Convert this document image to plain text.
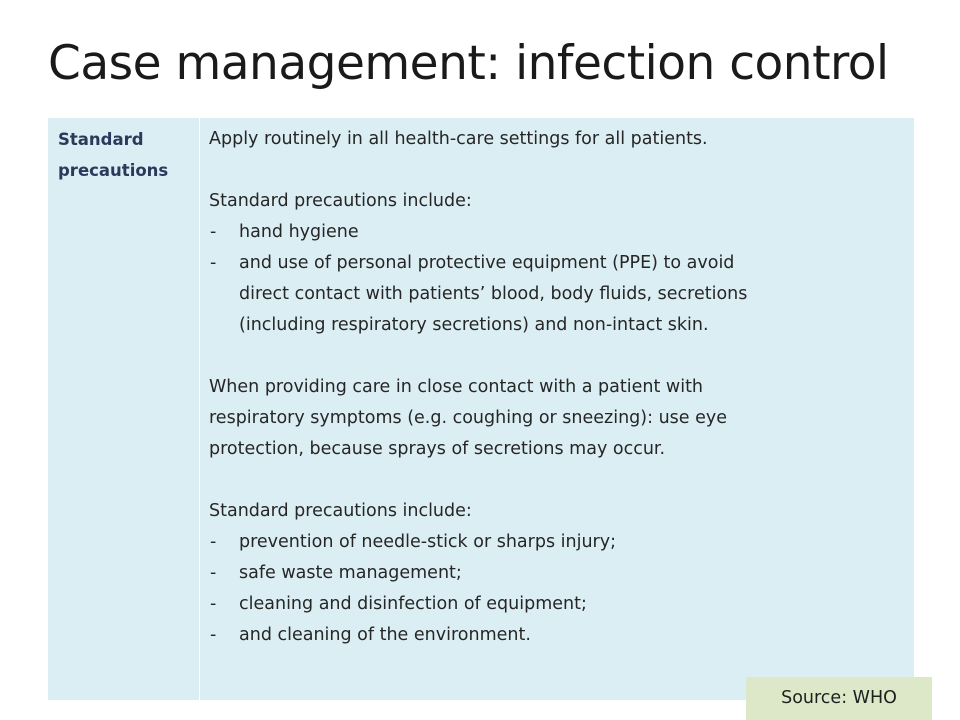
Case management: infection control
Standard
precautions

Apply routinely in all health-care settings for all patients.

Standard precautions include:

- hand hygiene

- and use of personal protective equipment (PPE) to avoid

direct contact with patients’ blood, body fluids, secretions

(including respiratory secretions) and non-intact skin.

When providing care in close contact with a patient with

respiratory symptoms (e.g. coughing or sneezing): use eye

protection, because sprays of secretions may occur.

Standard precautions include:

- prevention of needle-stick or sharps injury;
- safe waste management;
- cleaning and disinfection of equipment;
- and cleaning of the environment.
Source: WHO
